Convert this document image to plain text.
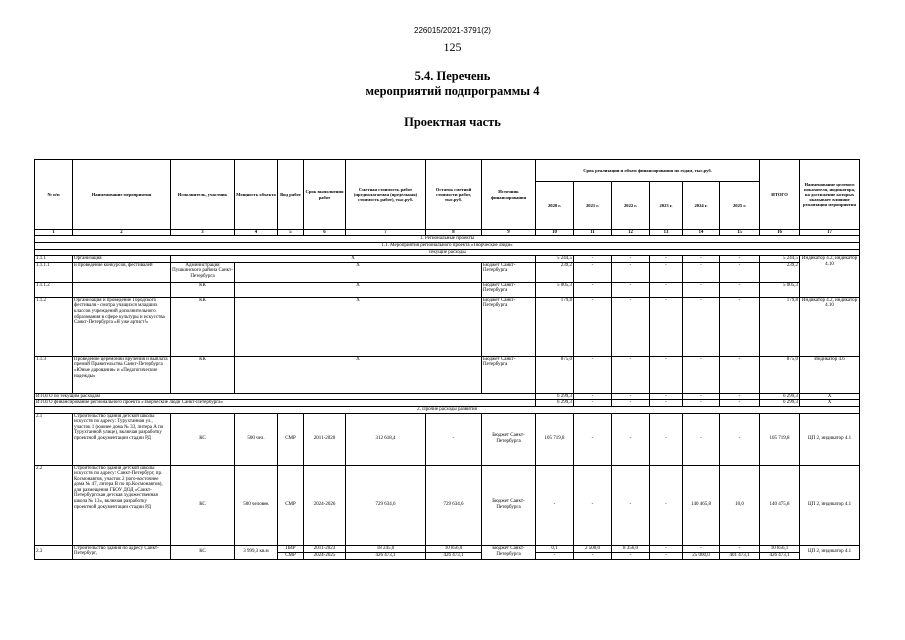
226015/2021-3791(2)
125
5.4. Перечень
мероприятий подпрограммы 4
Проектная часть
№ п/п	Наименование мероприятия	Исполнитель, участник	Мощность объекта	Вид работ	Срок выполнения работ	Сметная стоимость работ (предполагаемая (предельная) стоимость работ), тыс.руб.	Остаток сметной стоимости работ, тыс.руб.	Источник финансирования	Срок реализации и объем финансирования по годам, тыс.руб.						ИТОГО	Наименование целевого показателя, индикатора, на достижение которых оказывает влияние реализация мероприятия
									2020 г.	2021 г.	2022 г.	2023 г.	2024 г.	2025 г.		
1	2	3	4	5	6	7	8	9	10	11	12	13	14	15	16	17
1. Региональные проекты																
1.1. Мероприятия регионального проекта «Творческие люди»																
Текущие расходы																
1.1.1	Организация	X							5 244,5	-	-	-	-	-	5 244,5	Индикатор 4.2, индикатор 4.10
1.1.1.1	и проведение конкурсов, фестивалей	Администрация Пушкинского района Санкт-Петербурга	X					Бюджет Санкт-Петербурга	239,2	-	-	-	-	-	239,2	
1.1.1.2		КК	X					Бюджет Санкт-Петербурга	5 005,3	-	-	-	-	-	5 005,3	
1.1.2	Организация и проведение Городского фестиваля - смотра учащихся младших классов учреждений дополнительного образования в сфере культуры и искусства Санкт-Петербурга «Я уже артист!»	КК	X					Бюджет Санкт-Петербурга	179,8	-	-	-	-	-	179,8	Индикатор 4.2, индикатор 4.10
1.1.3	Проведение церемонии вручения и выплата премий Правительства Санкт-Петербурга «Юные дарования» и «Педагогические надежды»	КК	X					Бюджет Санкт-Петербурга	875,0	-	-	-	-	-	875,0	Индикатор 4.6
ИТОГО по текущим расходам									6 299,3	-	-	-	-	-	6 299,3	X
ИТОГО финансирование регионального проекта «Творческие люди Санкт-Петербурга»									6 299,3	-	-	-	-	-	6 299,3	X
2. Прочие расходы развития																
2.1	Строительство здания детской школы искусств по адресу: Турухтанная ул., участок 1 (южнее дома № 33, литера А по Турухтанной улице), включая разработку проектной документации стадии РД	КС	500 чел.	СМР	2011-2020	312 618,4	-	Бюджет Санкт-Петербурга	105 719,8	-	-	-	-	-	105 719,8	ЦП 2, индикатор 4.1
2.2	Строительство здания детской школы искусств по адресу: Санкт-Петербург, пр. Космонавтов, участок 2 (юго-восточнее дома № 47, литера В по пр.Космонавтов), для размещения ГБОУ ДОД «Санкт-Петербургская детская художественная школа № 13», включая разработку проектной документации стадии РД	КС	500 человек	СМР	2024-2026	729 634,6	729 634,6	Бюджет Санкт-Петербурга	-	-	-	-	140 465,8	10,0	140 475,8	ЦП 2, индикатор 4.1
2.3	Строительство здания по адресу Санкт-Петербург,	КС	3 999,3 кв.м	ПИР	2011-2023	18 245,0	10 856,0	Бюджет Санкт-Петербурга	0,1	2 500,0	8 356,0	-	-	-	10 856,1	ЦП 2, индикатор 4.1
				СМР	2024-2025	426 473,1	426 473,1		-	-	-	-	25 000,0	401 473,1	426 473,1	
